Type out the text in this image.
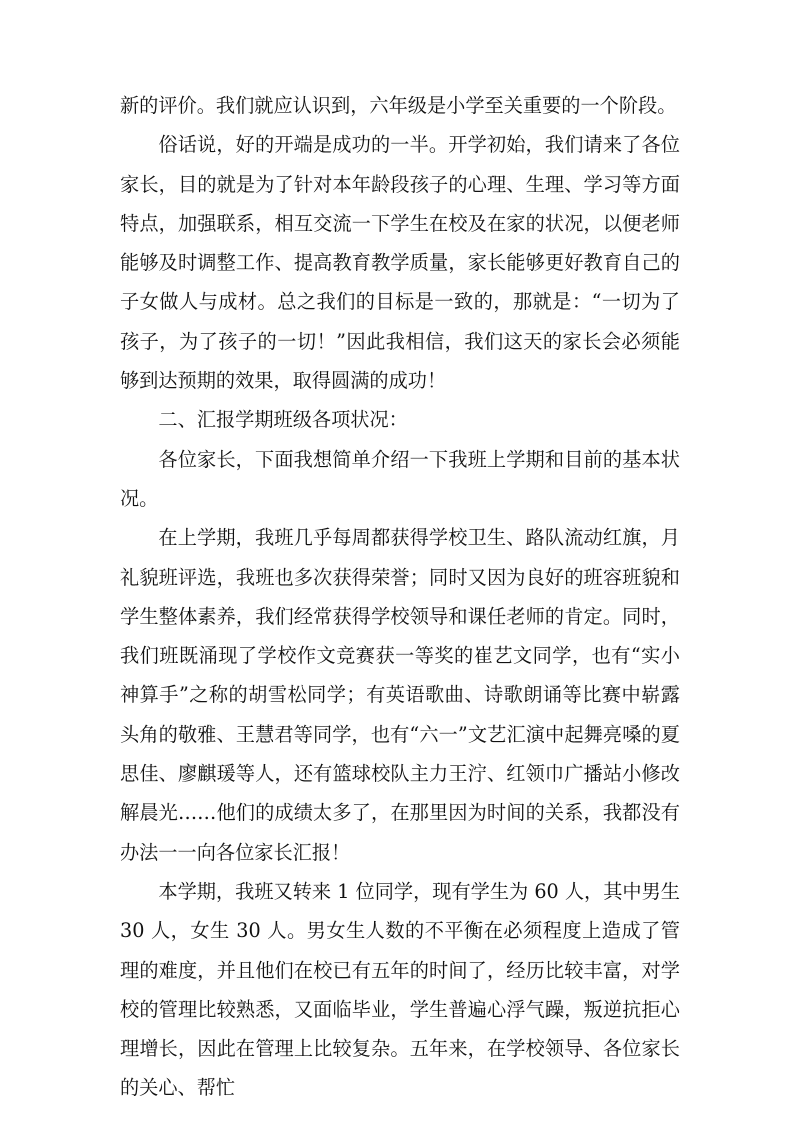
新的评价。我们就应认识到，六年级是小学至关重要的一个阶段。

俗话说，好的开端是成功的一半。开学初始，我们请来了各位家长，目的就是为了针对本年龄段孩子的心理、生理、学习等方面特点，加强联系，相互交流一下学生在校及在家的状况，以便老师能够及时调整工作、提高教育教学质量，家长能够更好教育自己的子女做人与成材。总之我们的目标是一致的，那就是：“一切为了孩子，为了孩子的一切！”因此我相信，我们这天的家长会必须能够到达预期的效果，取得圆满的成功！

二、汇报学期班级各项状况：

各位家长，下面我想简单介绍一下我班上学期和目前的基本状况。

在上学期，我班几乎每周都获得学校卫生、路队流动红旗，月礼貌班评选，我班也多次获得荣誉；同时又因为良好的班容班貌和学生整体素养，我们经常获得学校领导和课任老师的肯定。同时，我们班既涌现了学校作文竞赛获一等奖的崔艺文同学，也有“实小神算手”之称的胡雪松同学；有英语歌曲、诗歌朗诵等比赛中崭露头角的敬雅、王慧君等同学，也有“六一”文艺汇演中起舞亮嗓的夏思佳、廖麒瑗等人，还有篮球校队主力王泞、红领巾广播站小修改解晨光……他们的成绩太多了，在那里因为时间的关系，我都没有办法一一向各位家长汇报！

本学期，我班又转来 1 位同学，现有学生为 60 人，其中男生 30 人，女生 30 人。男女生人数的不平衡在必须程度上造成了管理的难度，并且他们在校已有五年的时间了，经历比较丰富，对学校的管理比较熟悉，又面临毕业，学生普遍心浮气躁，叛逆抗拒心理增长，因此在管理上比较复杂。五年来，在学校领导、各位家长的关心、帮忙
